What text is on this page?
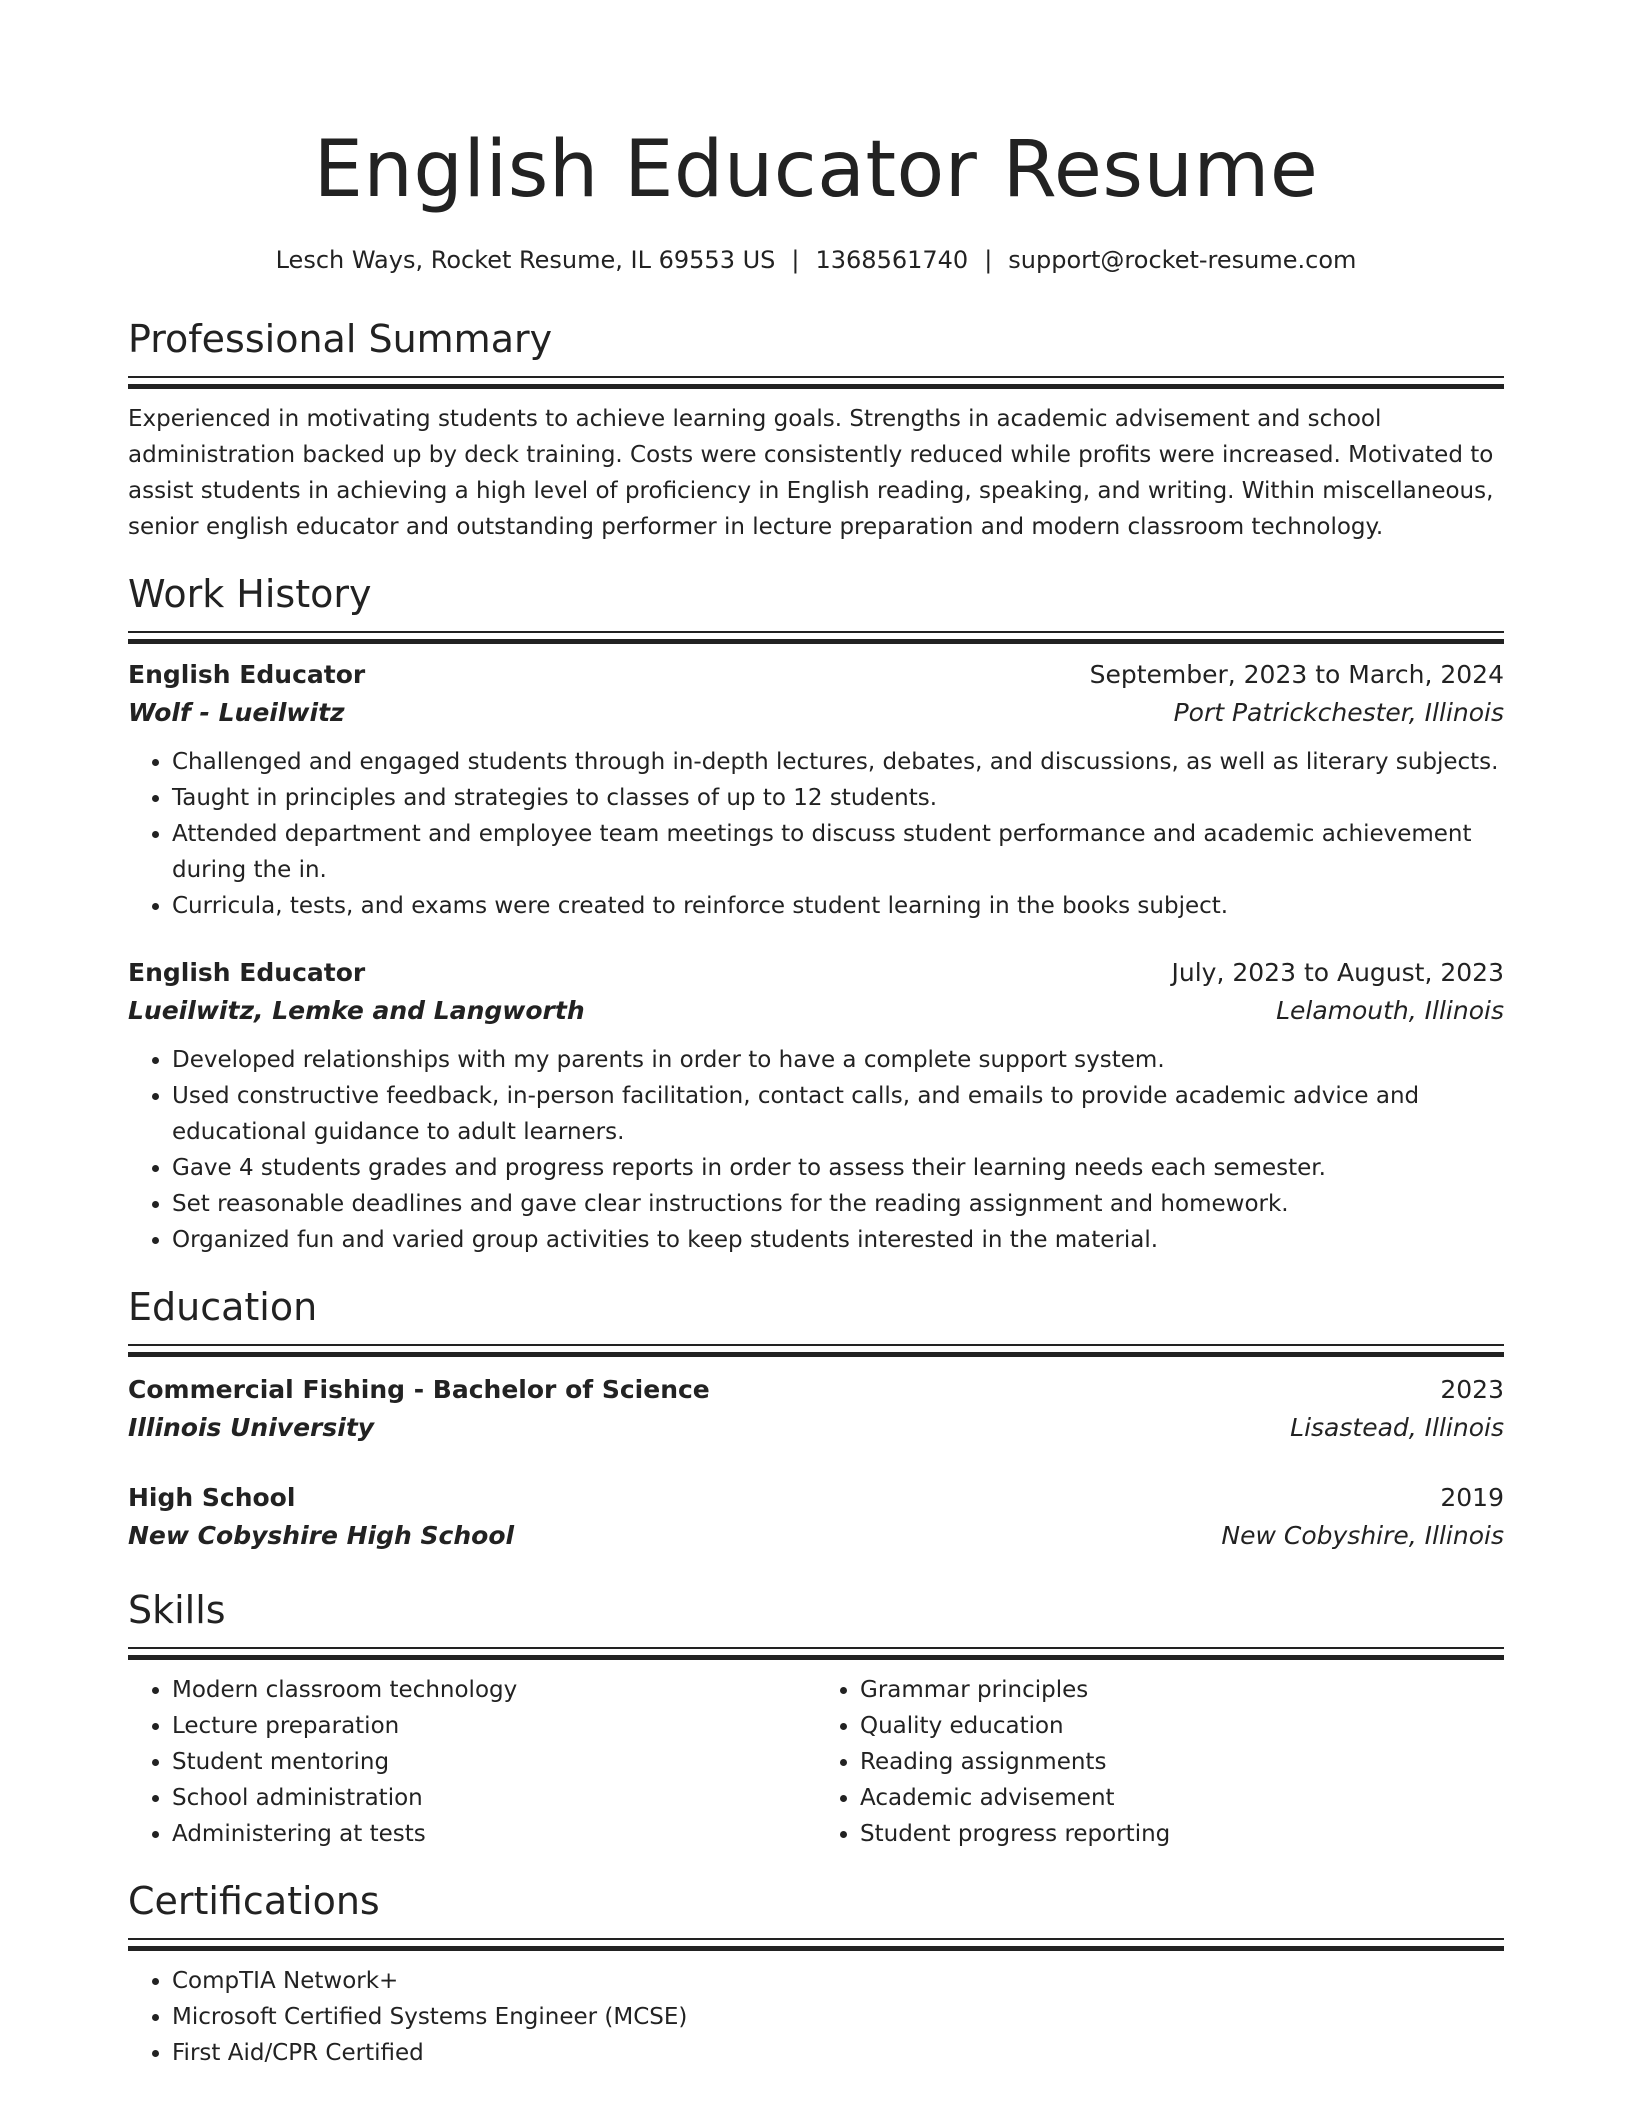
English Educator Resume
Lesch Ways, Rocket Resume, IL 69553 US | 1368561740 | support@rocket-resume.com
Professional Summary

Experienced in motivating students to achieve learning goals. Strengths in academic advisement and school administration backed up by deck training. Costs were consistently reduced while profits were increased. Motivated to assist students in achieving a high level of proficiency in English reading, speaking, and writing. Within miscellaneous, senior english educator and outstanding performer in lecture preparation and modern classroom technology.

Work History
English Educator	September, 2023 to March, 2024
Wolf - Lueilwitz	Port Patrickchester, Illinois
• Challenged and engaged students through in-depth lectures, debates, and discussions, as well as literary subjects.
• Taught in principles and strategies to classes of up to 12 students.
• Attended department and employee team meetings to discuss student performance and academic achievement during the in.
• Curricula, tests, and exams were created to reinforce student learning in the books subject.
English Educator	July, 2023 to August, 2023
Lueilwitz, Lemke and Langworth	Lelamouth, Illinois
• Developed relationships with my parents in order to have a complete support system.
• Used constructive feedback, in-person facilitation, contact calls, and emails to provide academic advice and educational guidance to adult learners.
• Gave 4 students grades and progress reports in order to assess their learning needs each semester.
• Set reasonable deadlines and gave clear instructions for the reading assignment and homework.
• Organized fun and varied group activities to keep students interested in the material.
Education
Commercial Fishing - Bachelor of Science	2023
Illinois University	Lisastead, Illinois
High School	2019
New Cobyshire High School	New Cobyshire, Illinois
Skills
• Modern classroom technology
• Lecture preparation
• Student mentoring
• School administration
• Administering at tests
• Grammar principles
• Quality education
• Reading assignments
• Academic advisement
• Student progress reporting
Certifications
• CompTIA Network+
• Microsoft Certified Systems Engineer (MCSE)
• First Aid/CPR Certified
